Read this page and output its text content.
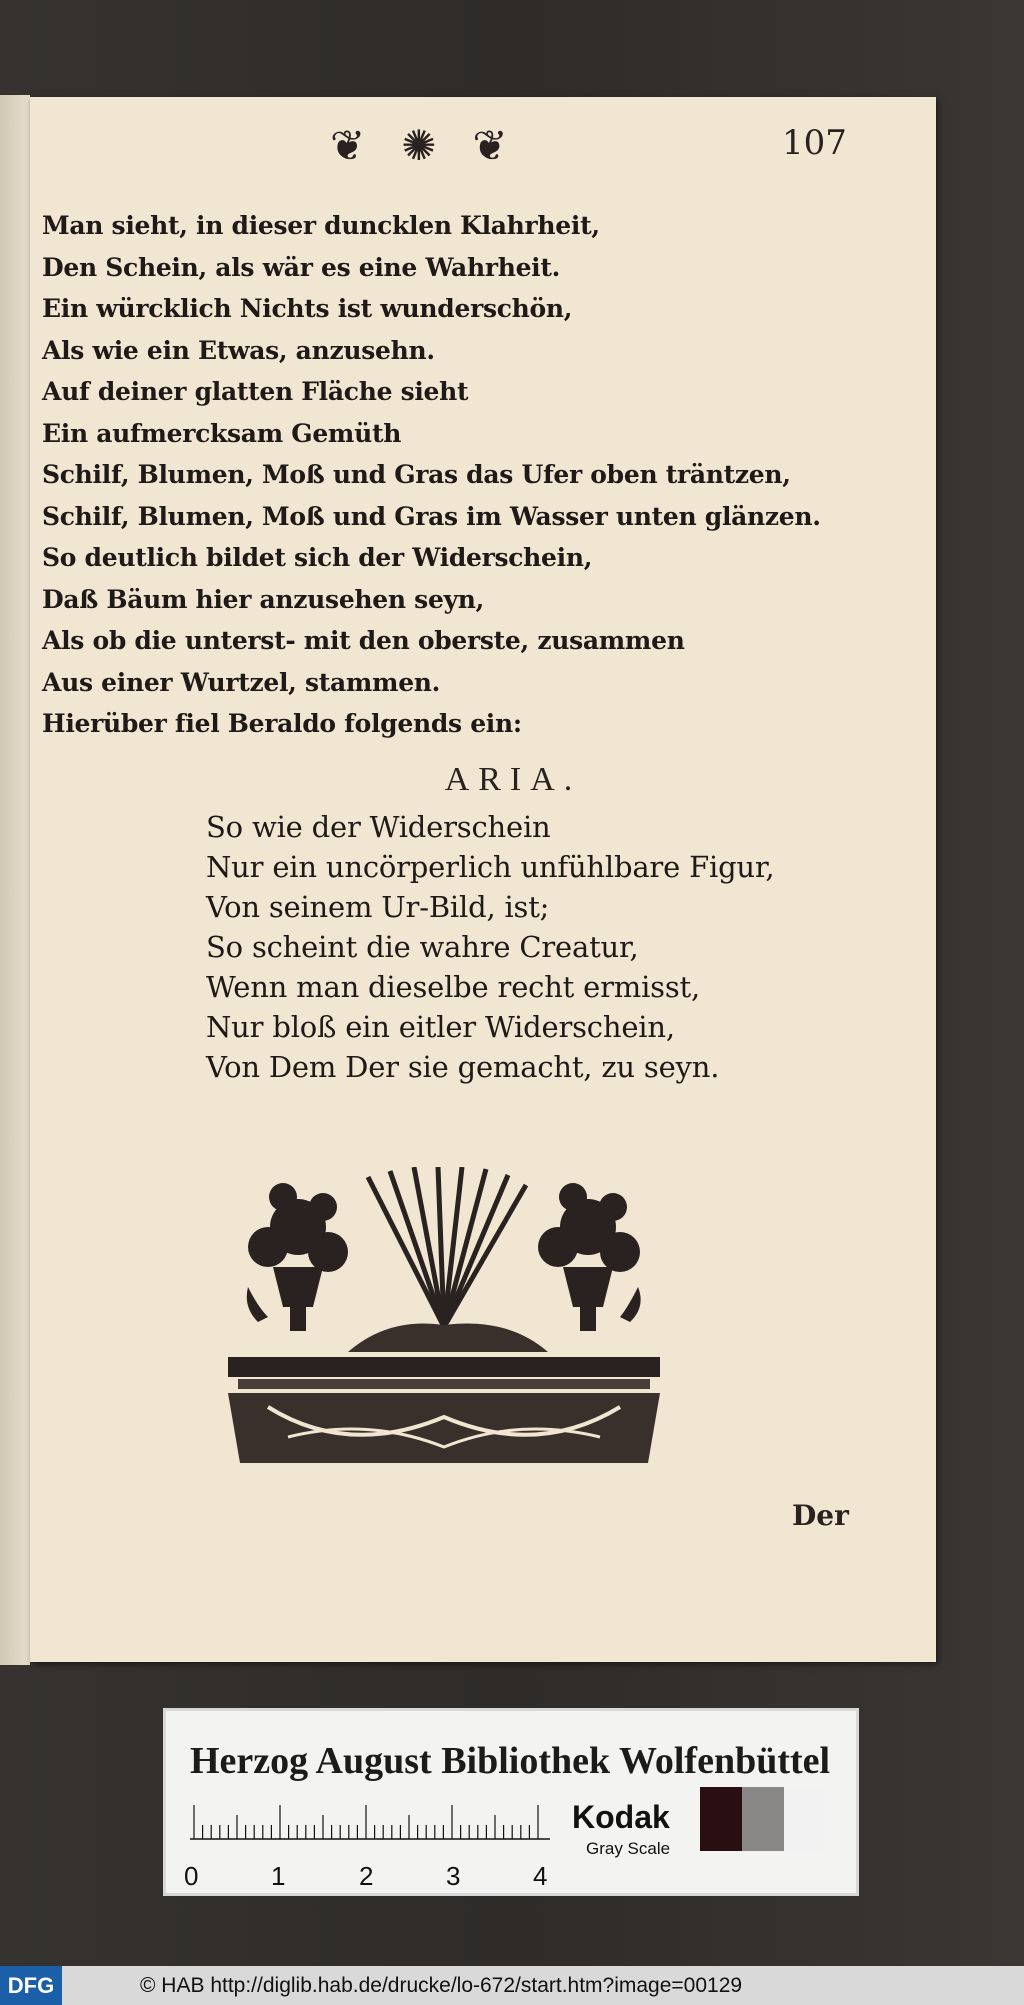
❦ ✺ ❦	107
Man sieht, in dieser duncklen Klahrheit,
Den Schein, als wär es eine Wahrheit.
Ein würcklich Nichts ist wunderschön,
Als wie ein Etwas, anzusehn.
Auf deiner glatten Fläche sieht
Ein aufmercksam Gemüth
Schilf, Blumen, Moß und Gras das Ufer oben träntzen,
Schilf, Blumen, Moß und Gras im Wasser unten glänzen.
So deutlich bildet sich der Widerschein,
Daß Bäum hier anzusehen seyn,
Als ob die unterst- mit den oberste, zusammen
Aus einer Wurtzel, stammen.
Hierüber fiel Beraldo folgends ein:
ARIA.
So wie der Widerschein
Nur ein uncörperlich unfühlbare Figur,
Von seinem Ur-Bild, ist;
So scheint die wahre Creatur,
Wenn man dieselbe recht ermisst,
Nur bloß ein eitler Widerschein,
Von Dem Der sie gemacht, zu seyn.
Der
Herzog August Bibliothek Wolfenbüttel
Kodak
Gray Scale
0	1	2	3	4
DFG	© HAB http://diglib.hab.de/drucke/lo-672/start.htm?image=00129
